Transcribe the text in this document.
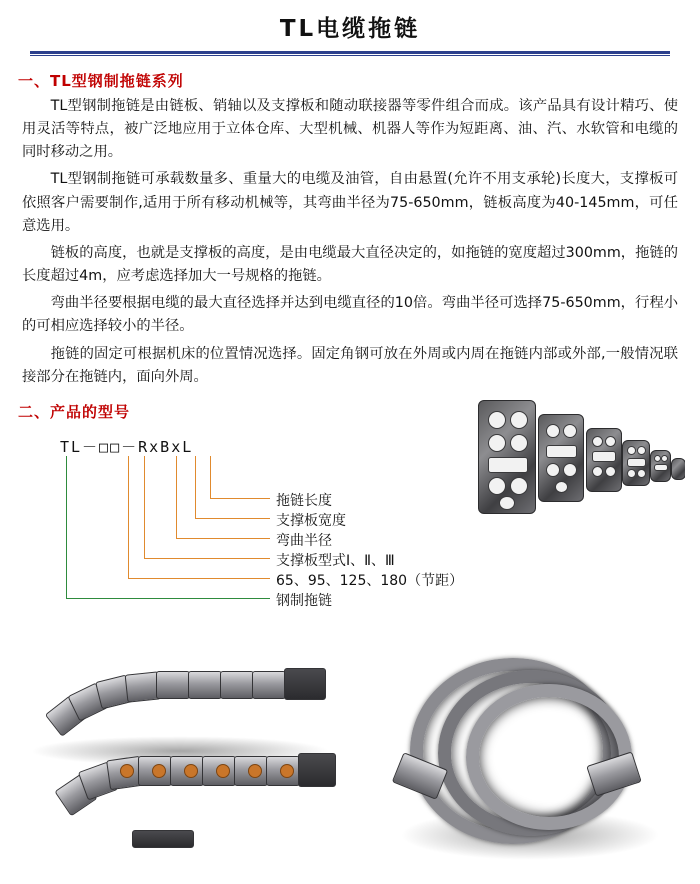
TL电缆拖链
一、TL型钢制拖链系列

TL型钢制拖链是由链板、销轴以及支撑板和随动联接器等零件组合而成。该产品具有设计精巧、使用灵活等特点，被广泛地应用于立体仓库、大型机械、机器人等作为短距离、油、汽、水软管和电缆的同时移动之用。

TL型钢制拖链可承载数量多、重量大的电缆及油管，自由悬置(允许不用支承轮)长度大，支撑板可依照客户需要制作,适用于所有移动机械等，其弯曲半径为75-650mm，链板高度为40-145mm，可任意选用。

链板的高度，也就是支撑板的高度，是由电缆最大直径决定的，如拖链的宽度超过300mm，拖链的长度超过4m，应考虑选择加大一号规格的拖链。

弯曲半径要根据电缆的最大直径选择并达到电缆直径的10倍。弯曲半径可选择75-650mm，行程小的可相应选择较小的半径。

拖链的固定可根据机床的位置情况选择。固定角钢可放在外周或内周在拖链内部或外部,一般情况联接部分在拖链内，面向外周。

二、产品的型号
TL－□□－RxBxL
拖链长度
支撑板宽度
弯曲半径
支撑板型式Ⅰ、Ⅱ、Ⅲ
65、95、125、180（节距）
钢制拖链
